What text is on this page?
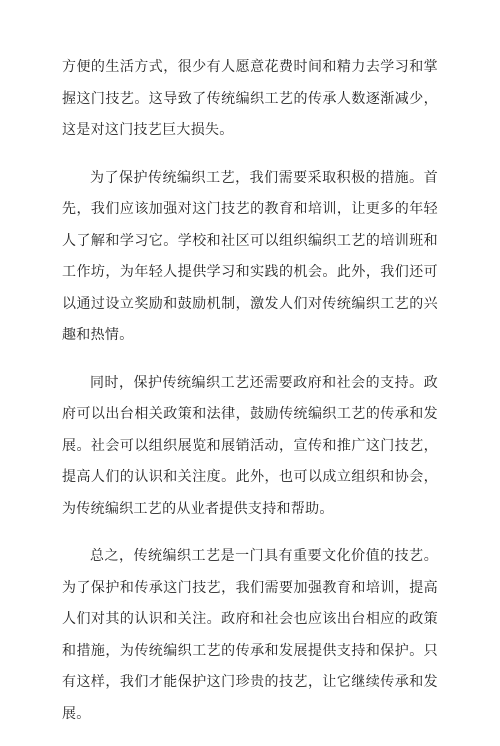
方便的生活方式，很少有人愿意花费时间和精力去学习和掌握这门技艺。这导致了传统编织工艺的传承人数逐渐减少，这是对这门技艺巨大损失。

为了保护传统编织工艺，我们需要采取积极的措施。首先，我们应该加强对这门技艺的教育和培训，让更多的年轻人了解和学习它。学校和社区可以组织编织工艺的培训班和工作坊，为年轻人提供学习和实践的机会。此外，我们还可以通过设立奖励和鼓励机制，激发人们对传统编织工艺的兴趣和热情。

同时，保护传统编织工艺还需要政府和社会的支持。政府可以出台相关政策和法律，鼓励传统编织工艺的传承和发展。社会可以组织展览和展销活动，宣传和推广这门技艺，提高人们的认识和关注度。此外，也可以成立组织和协会，为传统编织工艺的从业者提供支持和帮助。

总之，传统编织工艺是一门具有重要文化价值的技艺。为了保护和传承这门技艺，我们需要加强教育和培训，提高人们对其的认识和关注。政府和社会也应该出台相应的政策和措施，为传统编织工艺的传承和发展提供支持和保护。只有这样，我们才能保护这门珍贵的技艺，让它继续传承和发展。
